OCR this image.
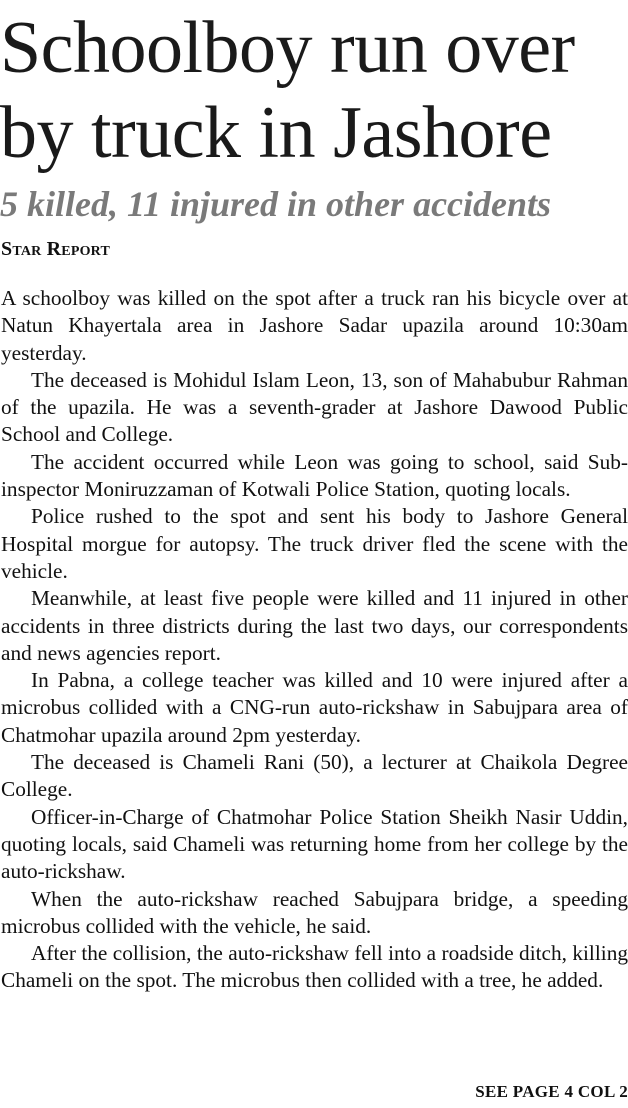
Schoolboy run over
by truck in Jashore
5 killed, 11 injured in other accidents
Star Report

A schoolboy was killed on the spot after a truck ran his bicycle over at Natun Khayertala area in Jashore Sadar upazila around 10:30am yesterday.

The deceased is Mohidul Islam Leon, 13, son of Mahabubur Rahman of the upazila. He was a seventh-grader at Jashore Dawood Public School and College.

The accident occurred while Leon was going to school, said Sub-inspector Moniruzzaman of Kotwali Police Station, quoting locals.

Police rushed to the spot and sent his body to Jashore General Hospital morgue for autopsy. The truck driver fled the scene with the vehicle.

Meanwhile, at least five people were killed and 11 injured in other accidents in three districts during the last two days, our correspondents and news agencies report.

In Pabna, a college teacher was killed and 10 were injured after a microbus collided with a CNG-run auto-rickshaw in Sabujpara area of Chatmohar upazila around 2pm yesterday.

The deceased is Chameli Rani (50), a lecturer at Chaikola Degree College.

Officer-in-Charge of Chatmohar Police Station Sheikh Nasir Uddin, quoting locals, said Chameli was returning home from her college by the auto-rickshaw.

When the auto-rickshaw reached Sabujpara bridge, a speeding microbus collided with the vehicle, he said.

After the collision, the auto-rickshaw fell into a roadside ditch, killing Chameli on the spot. The microbus then collided with a tree, he added.

SEE PAGE 4 COL 2
